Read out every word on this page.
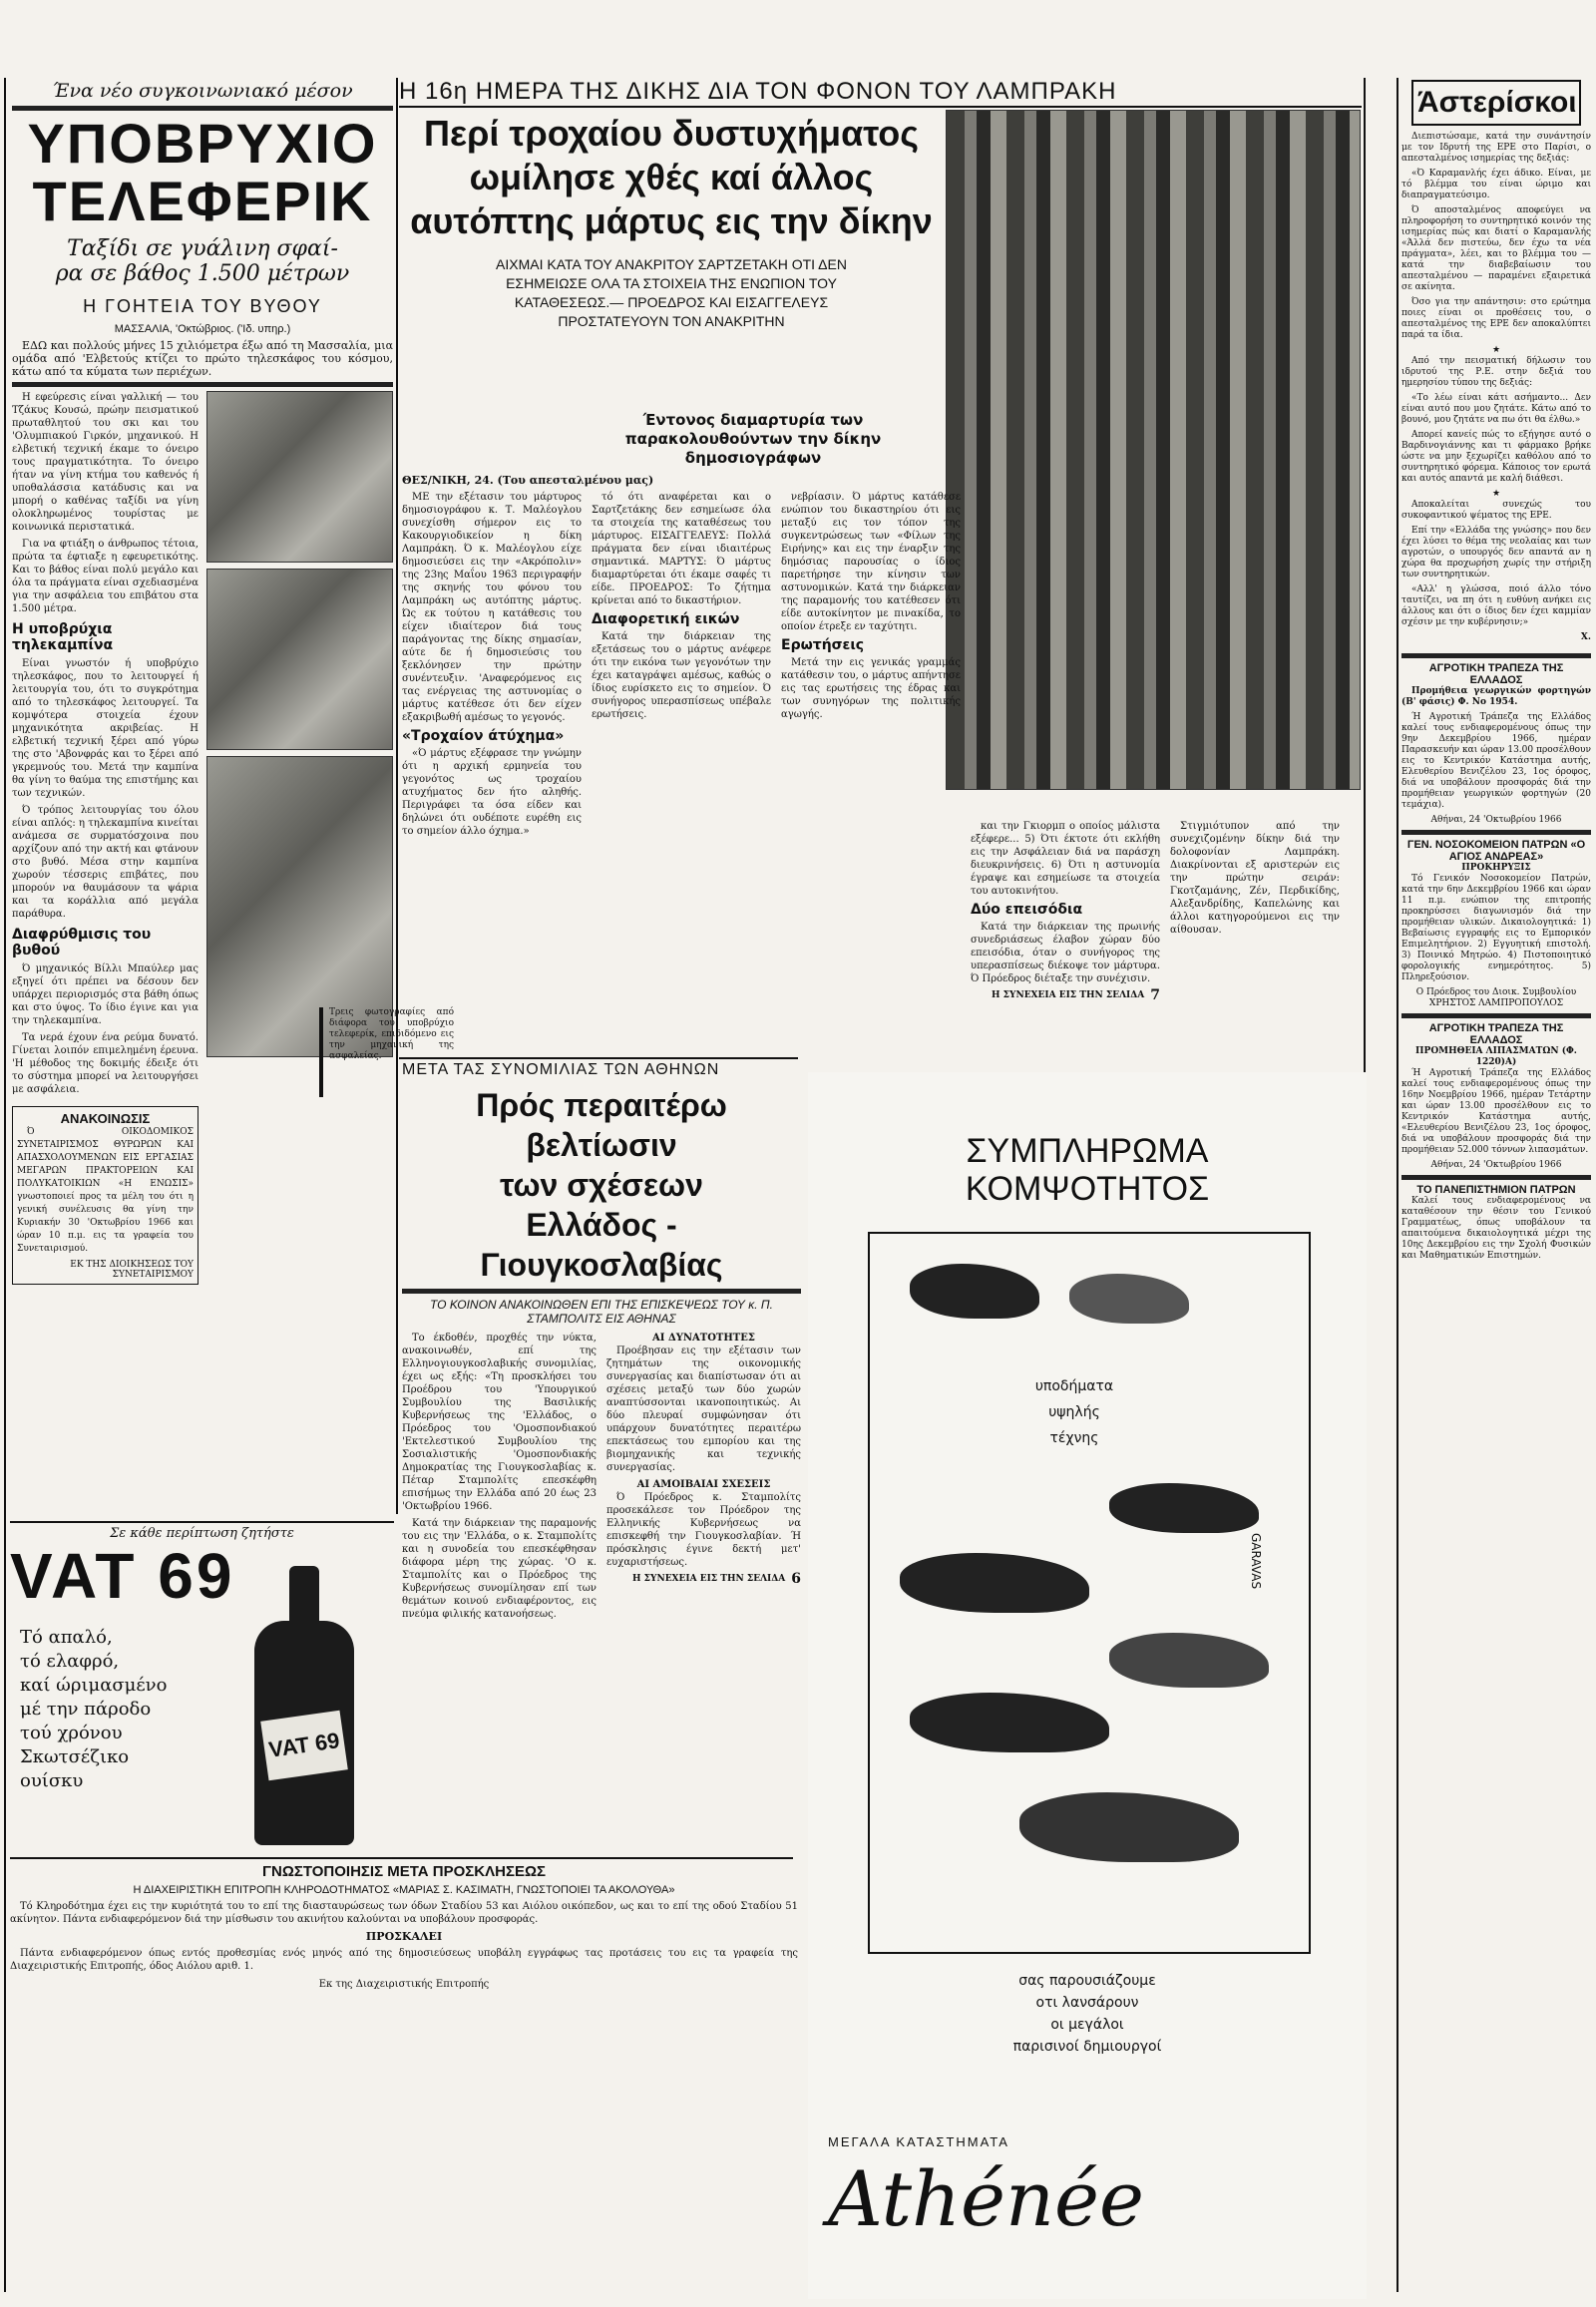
Η 16η ΗΜΕΡΑ ΤΗΣ ΔΙΚΗΣ ΔΙΑ ΤΟΝ ΦΟΝΟΝ ΤΟΥ ΛΑΜΠΡΑΚΗ
Ένα νέο συγκοινωνιακό μέσον
ΥΠΟΒΡΥΧΙΟ
ΤΕΛΕΦΕΡΙΚ
Ταξίδι σε γυάλινη σφαί-
ρα σε βάθος 1.500 μέτρων
Η ΓΟΗΤΕΙΑ ΤΟΥ ΒΥΘΟΥ
ΜΑΣΣΑΛΙΑ, 'Οκτώβριος. ('Ιδ. υπηρ.)

ΕΔΩ και πολλούς μήνες 15 χιλιόμετρα έξω από τη Μασσαλία, μια ομάδα από 'Ελβετούς κτίζει το πρώτο τηλεσκάφος του κόσμου, κάτω από τα κύματα των περιέχων.

Η εφεύρεσις είναι γαλλική — του Τζάκυς Κουσώ, πρώην πεισματικού πρωταθλητού του σκι και του 'Ολυμπιακού Γιρκόν, μηχανικού. Η ελβετική τεχνική έκαμε το όνειρο τους πραγματικότητα. Το όνειρο ήταν να γίνη κτήμα του καθενός ή υποθαλάσσια κατάδυσις και να μπορή ο καθένας ταξίδι να γίνη ολοκληρωμένος τουρίστας με κοινωνικά περιστατικά.

Για να φτιάξη ο άνθρωπος τέτοια, πρώτα τα έφτιαξε η εφευρετικότης. Και το βάθος είναι πολύ μεγάλο και όλα τα πράγματα είναι σχεδιασμένα για την ασφάλεια του επιβάτου στα 1.500 μέτρα.

Η υποβρύχια τηλεκαμπίνα

Είναι γνωστόν ή υποβρύχιο τηλεσκάφος, που το λειτουργεί ή λειτουργία του, ότι το συγκρότημα από το τηλεσκάφος λειτουργεί. Τα κομψότερα στοιχεία έχουν μηχανικότητα ακριβείας. Η ελβετική τεχνική ξέρει από γύρω της στο 'Αβονφράς και το ξέρει από γκρεμνούς του. Μετά την καμπίνα θα γίνη το θαύμα της επιστήμης και των τεχνικών.

Ό τρόπος λειτουργίας του όλου είναι απλός: η τηλεκαμπίνα κινείται ανάμεσα σε συρματόσχοινα που αρχίζουν από την ακτή και φτάνουν στο βυθό. Μέσα στην καμπίνα χωρούν τέσσερις επιβάτες, που μπορούν να θαυμάσουν τα ψάρια και τα κοράλλια από μεγάλα παράθυρα.

Διαφρύθμισις του βυθού

Ό μηχανικός Βίλλι Μπαύλερ μας εξηγεί ότι πρέπει να δέσουν δεν υπάρχει περιορισμός στα βάθη όπως και στο ύψος. Το ίδιο έγινε και για την τηλεκαμπίνα.

Τα νερά έχουν ένα ρεύμα δυνατό. Γίνεται λοιπόν επιμελημένη έρευνα. 'Η μέθοδος της δοκιμής έδειξε ότι το σύστημα μπορεί να λειτουργήσει με ασφάλεια.

ΑΝΑΚΟΙΝΩΣΙΣ

Ό ΟΙΚΟΔΟΜΙΚΟΣ ΣΥΝΕΤΑΙΡΙΣΜΟΣ ΘΥΡΩΡΩΝ ΚΑΙ ΑΠΑΣΧΟΛΟΥΜΕΝΩΝ ΕΙΣ ΕΡΓΑΣΙΑΣ ΜΕΓΑΡΩΝ ΠΡΑΚΤΟΡΕΙΩΝ ΚΑΙ ΠΟΛΥΚΑΤΟΙΚΙΩΝ «Η ΕΝΩΣΙΣ» γνωστοποιεί προς τα μέλη του ότι η γενική συνέλευσις θα γίνη την Κυριακήν 30 'Οκτωβρίου 1966 και ώραν 10 π.μ. εις τα γραφεία του Συνεταιρισμού.

ΕΚ ΤΗΣ ΔΙΟΙΚΗΣΕΩΣ ΤΟΥ ΣΥΝΕΤΑΙΡΙΣΜΟΥ
Τρεις φωτογραφίες από διάφορα του υποβρύχιο τελεφερίκ, επιδιδόμενο εις την μηχανική της ασφαλείας.
Περί τροχαίου δυστυχήματος
ωμίλησε χθές καί άλλος
αυτόπτης μάρτυς εις την δίκην
ΑΙΧΜΑΙ ΚΑΤΑ ΤΟΥ ΑΝΑΚΡΙΤΟΥ ΣΑΡΤΖΕΤΑΚΗ ΟΤΙ ΔΕΝ ΕΣΗΜΕΙΩΣΕ ΟΛΑ ΤΑ ΣΤΟΙΧΕΙΑ ΤΗΣ ΕΝΩΠΙΟΝ ΤΟΥ ΚΑΤΑΘΕΣΕΩΣ.— ΠΡΟΕΔΡΟΣ ΚΑΙ ΕΙΣΑΓΓΕΛΕΥΣ ΠΡΟΣΤΑΤΕΥΟΥΝ ΤΟΝ ΑΝΑΚΡΙΤΗΝ
Έντονος διαμαρτυρία των παρακολουθούντων την δίκην δημοσιογράφων
ΘΕΣ/ΝΙΚΗ, 24. (Του απεσταλμένου μας)

ΜΕ την εξέτασιν του μάρτυρος δημοσιογράφου κ. Τ. Μαλέογλου συνεχίσθη σήμερον εις το Κακουργιοδικείον η δίκη Λαμπράκη. Ό κ. Μαλέογλου είχε δημοσιεύσει εις την «Ακρόπολιν» της 23ης Μαΐου 1963 περιγραφήν της σκηνής του φόνου του Λαμπράκη ως αυτόπτης μάρτυς. Ώς εκ τούτου η κατάθεσις του είχεν ιδιαίτερον διά τους παράγοντας της δίκης σημασίαν, αύτε δε ή δημοσιεύσις του ξεκλόνησεν την πρώτην συνέντευξιν. 'Αναφερόμενος εις τας ενέργειας της αστυνομίας ο μάρτυς κατέθεσε ότι δεν είχεν εξακριβωθή αμέσως το γεγονός.

«Τροχαίον άτύχημα»

«Ό μάρτυς εξέφρασε την γνώμην ότι η αρχική ερμηνεία του γεγονότος ως τροχαίου ατυχήματος δεν ήτο αληθής. Περιγράφει τα όσα είδεν και δηλώνει ότι ουδέποτε ευρέθη εις το σημείον άλλο όχημα.»

τό ότι αναφέρεται και ο Σαρτζετάκης δεν εσημείωσε όλα τα στοιχεία της καταθέσεως του μάρτυρος. ΕΙΣΑΓΓΕΛΕΥΣ: Πολλά πράγματα δεν είναι ιδιαιτέρως σημαντικά. ΜΑΡΤΥΣ: Ό μάρτυς διαμαρτύρεται ότι έκαμε σαφές τι είδε. ΠΡΟΕΔΡΟΣ: Το ζήτημα κρίνεται από το δικαστήριον.

Διαφορετική εικών

Κατά την διάρκειαν της εξετάσεως του ο μάρτυς ανέφερε ότι την εικόνα των γεγονότων την έχει καταγράψει αμέσως, καθώς ο ίδιος ευρίσκετο εις το σημείον. Ό συνήγορος υπερασπίσεως υπέβαλε ερωτήσεις.

νεβρίασιν. Ό μάρτυς κατάθεσε ενώπιον του δικαστηρίου ότι εις μεταξύ εις τον τόπον της συγκεντρώσεως των «Φίλων της Ειρήνης» και εις την έναρξιν της δημόσιας παρουσίας ο ίδιος παρετήρησε την κίνησιν των αστυνομικών. Κατά την διάρκειαν της παραμονής του κατέθεσεν ότι είδε αυτοκίνητον με πινακίδα, το οποίον έτρεξε εν ταχύτητι.

Ερωτήσεις

Μετά την εις γενικάς γραμμάς κατάθεσιν του, ο μάρτυς απήντησε εις τας ερωτήσεις της έδρας και των συνηγόρων της πολιτικής αγωγής.

και την Γκιορμπ ο οποίος μάλιστα εξέφερε... 5) Ότι έκτοτε ότι εκλήθη εις την Ασφάλειαν διά να παράσχη διευκρινήσεις. 6) Ότι η αστυνομία έγραψε και εσημείωσε τα στοιχεία του αυτοκινήτου.

Δύο επεισόδια

Κατά την διάρκειαν της πρωινής συνεδριάσεως έλαβον χώραν δύο επεισόδια, όταν ο συνήγορος της υπερασπίσεως διέκοψε τον μάρτυρα. Ό Πρόεδρος διέταξε την συνέχισιν.

Η ΣΥΝΕΧΕΙΑ ΕΙΣ ΤΗΝ ΣΕΛΙΔΑ 7

Στιγμιότυπον από την συνεχιζομένην δίκην διά την δολοφονίαν Λαμπράκη. Διακρίνονται εξ αριστερών εις την πρώτην σειράν: Γκοτζαμάνης, Ζέν, Περδικίδης, Αλεξανδρίδης, Καπελώνης και άλλοι κατηγορούμενοι εις την αίθουσαν.

ΜΕΤΑ ΤΑΣ ΣΥΝΟΜΙΛΙΑΣ ΤΩΝ ΑΘΗΝΩΝ
Πρός περαιτέρω βελτίωσιν
των σχέσεων
Ελλάδος - Γιουγκοσλαβίας
ΤΟ ΚΟΙΝΟΝ ΑΝΑΚΟΙΝΩΘΕΝ ΕΠΙ ΤΗΣ ΕΠΙΣΚΕΨΕΩΣ ΤΟΥ κ. Π. ΣΤΑΜΠΟΛΙΤΣ ΕΙΣ ΑΘΗΝΑΣ

Το έκδοθέν, προχθές την νύκτα, ανακοινωθέν, επί της Ελληνογιουγκοσλαβικής συνομιλίας, έχει ως εξής: «Τη προσκλήσει του Προέδρου του 'Υπουργικού Συμβουλίου της Βασιλικής Κυβερνήσεως της 'Ελλάδος, ο Πρόεδρος του 'Ομοσπονδιακού 'Εκτελεστικού Συμβουλίου της Σοσιαλιστικής 'Ομοσπονδιακής Δημοκρατίας της Γιουγκοσλαβίας κ. Πέταρ Σταμπολίτς επεσκέφθη επισήμως την Ελλάδα από 20 έως 23 'Οκτωβρίου 1966.

Κατά την διάρκειαν της παραμονής του εις την 'Ελλάδα, ο κ. Σταμπολίτς και η συνοδεία του επεσκέφθησαν διάφορα μέρη της χώρας. 'Ο κ. Σταμπολίτς και ο Πρόεδρος της Κυβερνήσεως συνομίλησαν επί των θεμάτων κοινού ενδιαφέροντος, εις πνεύμα φιλικής κατανοήσεως.

ΑΙ ΔΥΝΑΤΟΤΗΤΕΣ

Προέβησαν εις την εξέτασιν των ζητημάτων της οικονομικής συνεργασίας και διαπίστωσαν ότι αι σχέσεις μεταξύ των δύο χωρών αναπτύσσονται ικανοποιητικώς. Αι δύο πλευραί συμφώνησαν ότι υπάρχουν δυνατότητες περαιτέρω επεκτάσεως του εμπορίου και της βιομηχανικής και τεχνικής συνεργασίας.

ΑΙ ΑΜΟΙΒΑΙΑΙ ΣΧΕΣΕΙΣ

Ό Πρόεδρος κ. Σταμπολίτς προσεκάλεσε τον Πρόεδρον της Ελληνικής Κυβερνήσεως να επισκεφθή την Γιουγκοσλαβίαν. Ή πρόσκλησις έγινε δεκτή μετ' ευχαριστήσεως.

Η ΣΥΝΕΧΕΙΑ ΕΙΣ ΤΗΝ ΣΕΛΙΔΑ 6
Σε κάθε περίπτωση ζητήστε
VAT 69
Τό απαλό,
τό ελαφρό,
καί ώριμασμένο
μέ την πάροδο
τού χρόνου
Σκωτσέζικο
ουίσκυ
VAT 69
ΓΝΩΣΤΟΠΟΙΗΣΙΣ ΜΕΤΑ ΠΡΟΣΚΛΗΣΕΩΣ
Η ΔΙΑΧΕΙΡΙΣΤΙΚΗ ΕΠΙΤΡΟΠΗ ΚΛΗΡΟΔΟΤΗΜΑΤΟΣ «ΜΑΡΙΑΣ Σ. ΚΑΣΙΜΑΤΗ, ΓΝΩΣΤΟΠΟΙΕΙ ΤΑ ΑΚΟΛΟΥΘΑ»

Τό Κληροδότημα έχει εις την κυριότητά του το επί της διασταυρώσεως των όδων Σταδίου 53 και Αιόλου οικόπεδον, ως και το επί της οδού Σταδίου 51 ακίνητον. Πάντα ενδιαφερόμενον διά την μίσθωσιν του ακινήτου καλούνται να υποβάλουν προσφοράς.

ΠΡΟΣΚΑΛΕΙ

Πάντα ενδιαφερόμενον όπως εντός προθεσμίας ενός μηνός από της δημοσιεύσεως υποβάλη εγγράφως τας προτάσεις του εις τα γραφεία της Διαχειριστικής Επιτροπής, όδος Αιόλου αριθ. 1.

Εκ της Διαχειριστικής Επιτροπής
ΣΥΜΠΛΗΡΩΜΑ
ΚΟΜΨΟΤΗΤΟΣ
υποδήματα
υψηλής
τέχνης
GARAVAS
σας παρουσιάζουμε
οτι λανσάρουν
οι μεγάλοι
παρισινοί δημιουργοί
ΜΕΓΑΛΑ ΚΑΤΑΣΤΗΜΑΤΑ
Athénée
Άστερίσκοι

Διεπιστώσαμε, κατά την συνάντησίν με τον Ιδρυτή της ΕΡΕ στο Παρίσι, ο απεσταλμένος ισημερίας της δεξιάς:

«Ό Καραμανλής έχει άδικο. Είναι, με τό βλέμμα του είναι ώριμο και διαπραγματεύσιμο.

Ό αποσταλμένος αποφεύγει να πληροφορήση το συντηρητικό κοινόν της ισημερίας πώς και διατί ο Καραμανλής «Άλλά δεν πιστεύω, δεν έχω τα νέα πράγματα», λέει, και το βλέμμα του — κατά την διαβεβαίωσιν του απεσταλμένου — παραμένει εξαιρετικά σε ακίνητα.

Όσο για την απάντησιν: στο ερώτημα ποιες είναι οι προθέσεις του, ο απεσταλμένος της ΕΡΕ δεν αποκαλύπτει παρά τα ίδια.

★

Από την πεισματική δήλωσιν του ιδρυτού της Ρ.Ε. στην δεξιά του ημερησίου τύπου της δεξιάς:

«Το λέω είναι κάτι ασήμαντο... Δεν είναι αυτό που μου ζητάτε. Κάτω από το βουνό, μου ζητάτε να πω ότι θα έλθω.»

Απορεί κανείς πώς το εξήγησε αυτό ο Βαρδινογιάννης και τι φάρμακο βρήκε ώστε να μην ξεχωρίζει καθόλου από το συντηρητικό φόρεμα. Κάποιος τον ερωτά και αυτός απαντά με καλή διάθεσι.

★

Αποκαλείται συνεχώς του συκοφαντικού ψέματος της ΕΡΕ.

Επί την «Ελλάδα της γνώσης» που δεν έχει λύσει το θέμα της νεολαίας και των αγροτών, ο υπουργός δεν απαντά αν η χώρα θα προχωρήση χωρίς την στήριξη των συντηρητικών.

«Αλλ' η γλώσσα, ποιό άλλο τόνο ταυτίζει, να πη ότι η ευθύνη ανήκει εις άλλους και ότι ο ίδιος δεν έχει καμμίαν σχέσιν με την κυβέρνησιν;»

X.
ΑΓΡΟΤΙΚΗ ΤΡΑΠΕΖΑ ΤΗΣ ΕΛΛΑΔΟΣ

Προμήθεια γεωργικών φορτηγών (Β' φάσις) Φ. No 1954.

Ή Αγροτική Τράπεζα της Ελλάδος καλεί τους ενδιαφερομένους όπως την 9ην Δεκεμβρίου 1966, ημέραν Παρασκευήν και ώραν 13.00 προσέλθουν εις το Κεντρικόν Κατάστημα αυτής, Ελευθερίου Βενιζέλου 23, 1ος όροφος, διά να υποβάλουν προσφοράς διά την προμήθειαν γεωργικών φορτηγών (20 τεμάχια).

Αθήναι, 24 'Οκτωβρίου 1966
ΓΕΝ. ΝΟΣΟΚΟΜΕΙΟΝ ΠΑΤΡΩΝ «Ο ΑΓΙΟΣ ΑΝΔΡΕΑΣ»
ΠΡΟΚΗΡΥΞΙΣ

Τό Γενικόν Νοσοκομείον Πατρών, κατά την 6ην Δεκεμβρίου 1966 και ώραν 11 π.μ. ενώπιον της επιτροπής προκηρύσσει διαγωνισμόν διά την προμήθειαν υλικών. Δικαιολογητικά: 1) Βεβαίωσις εγγραφής εις το Εμπορικόν Επιμελητήριον. 2) Εγγυητική επιστολή. 3) Ποινικό Μητρώο. 4) Πιστοποιητικό φορολογικής ενημερότητος. 5) Πληρεξούσιον.

Ο Πρόεδρος του Διοικ. Συμβουλίου ΧΡΗΣΤΟΣ ΛΑΜΠΡΟΠΟΥΛΟΣ
ΑΓΡΟΤΙΚΗ ΤΡΑΠΕΖΑ ΤΗΣ ΕΛΛΑΔΟΣ
ΠΡΟΜΗΘΕΙΑ ΛΙΠΑΣΜΑΤΩΝ (Φ. 1220)Α)

Ή Αγροτική Τράπεζα της Ελλάδος καλεί τους ενδιαφερομένους όπως την 16ην Νοεμβρίου 1966, ημέραν Τετάρτην και ώραν 13.00 προσέλθουν εις το Κεντρικόν Κατάστημα αυτής, «Ελευθερίου Βενιζέλου 23, 1ος όροφος, διά να υποβάλουν προσφοράς διά την προμήθειαν 52.000 τόννων λιπασμάτων.

Αθήναι, 24 'Οκτωβρίου 1966
ΤΟ ΠΑΝΕΠΙΣΤΗΜΙΟΝ ΠΑΤΡΩΝ

Καλεί τους ενδιαφερομένους να καταθέσουν την θέσιν του Γενικού Γραμματέως, όπως υποβάλουν τα απαιτούμενα δικαιολογητικά μέχρι της 10ης Δεκεμβρίου εις την Σχολή Φυσικών και Μαθηματικών Επιστημών.
